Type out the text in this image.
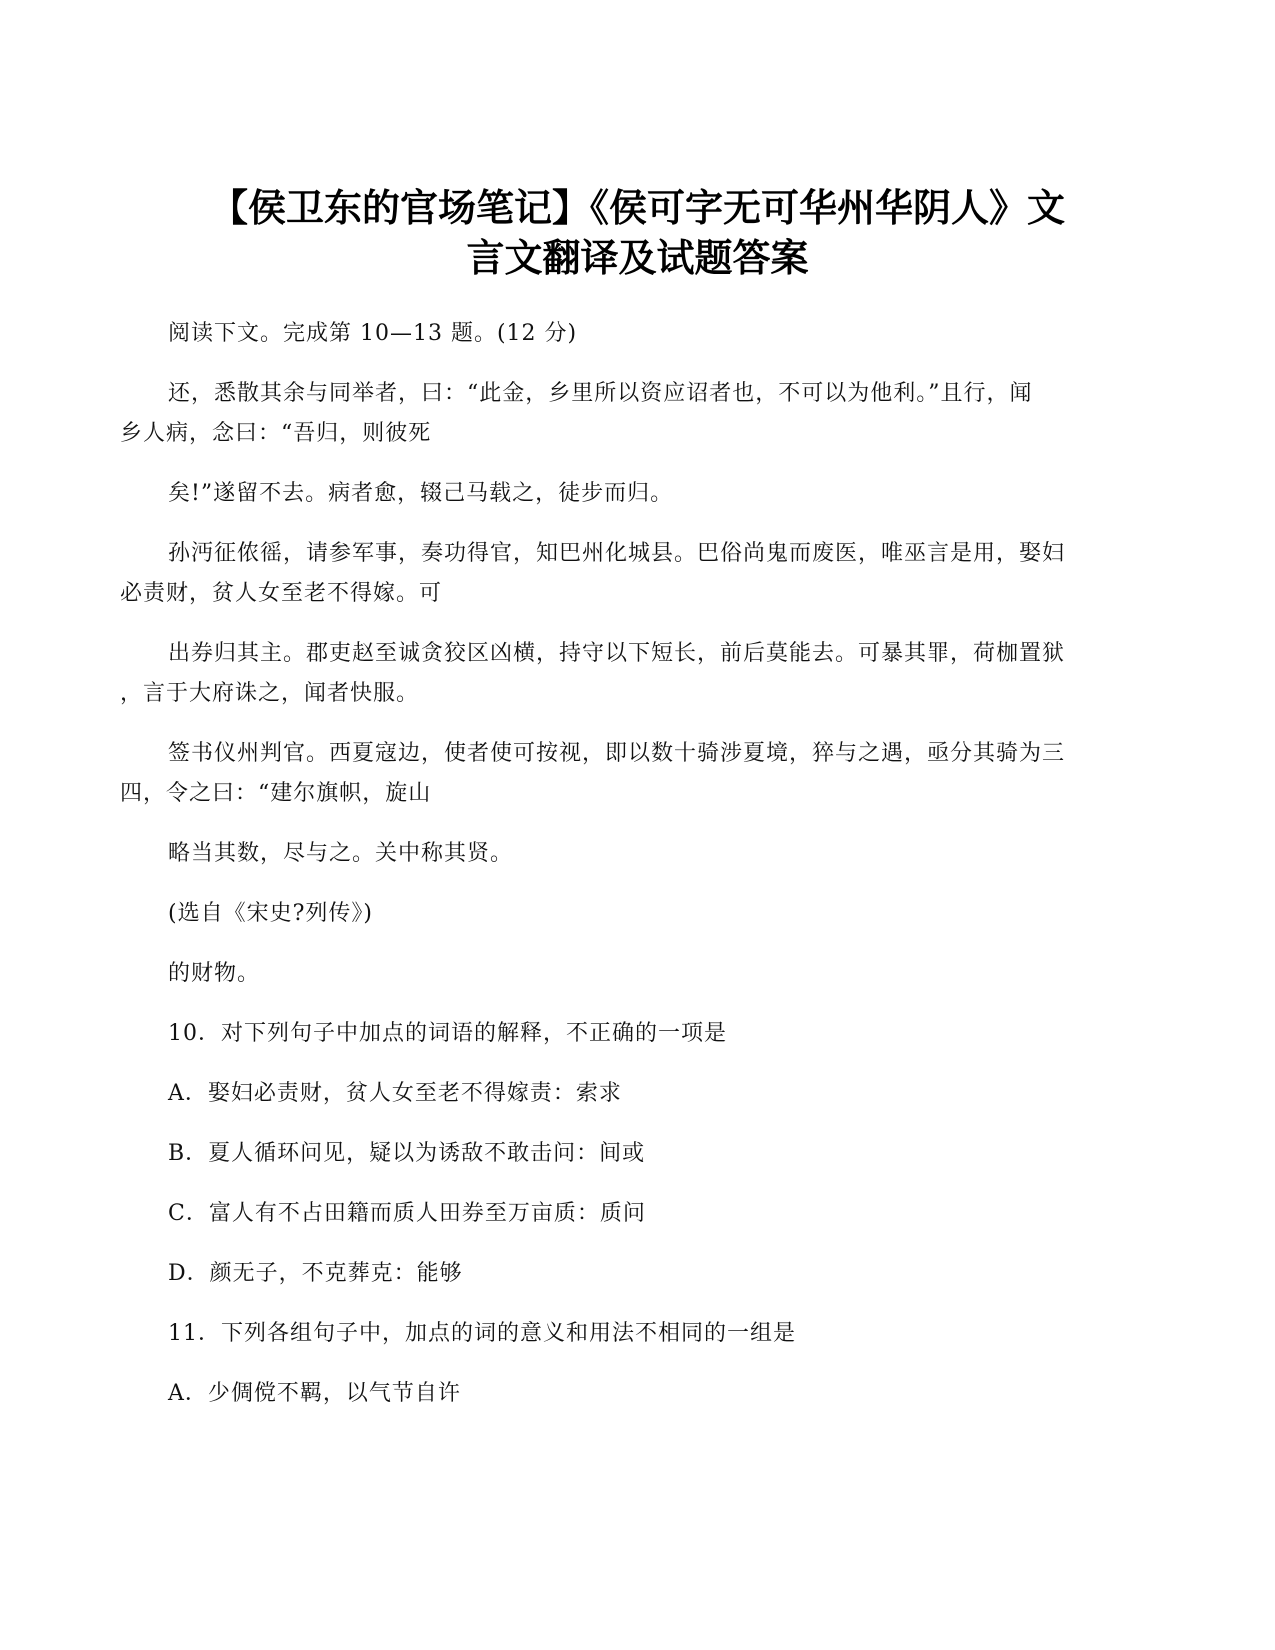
【侯卫东的官场笔记】《侯可字无可华州华阴人》文
言文翻译及试题答案
阅读下文。完成第 10—13 题。(12 分)
还，悉散其余与同举者，曰：“此金，乡里所以资应诏者也，不可以为他利。”且行，闻
乡人病，念曰：“吾归，则彼死
矣!”遂留不去。病者愈，辍己马载之，徒步而归。
孙沔征侬徭，请参军事，奏功得官，知巴州化城县。巴俗尚鬼而废医，唯巫言是用，娶妇
必责财，贫人女至老不得嫁。可
出券归其主。郡吏赵至诚贪狡区凶横，持守以下短长，前后莫能去。可暴其罪，荷枷置狱
，言于大府诛之，闻者快服。
签书仪州判官。西夏寇边，使者使可按视，即以数十骑涉夏境，猝与之遇，亟分其骑为三
四，令之曰：“建尔旗帜，旋山
略当其数，尽与之。关中称其贤。
(选自《宋史?列传》)
的财物。
10．对下列句子中加点的词语的解释，不正确的一项是
A．娶妇必责财，贫人女至老不得嫁责：索求
B．夏人循环问见，疑以为诱敌不敢击问：间或
C．富人有不占田籍而质人田券至万亩质：质问
D．颜无子，不克葬克：能够
11．下列各组句子中，加点的词的意义和用法不相同的一组是
A．少倜傥不羁，以气节自许
